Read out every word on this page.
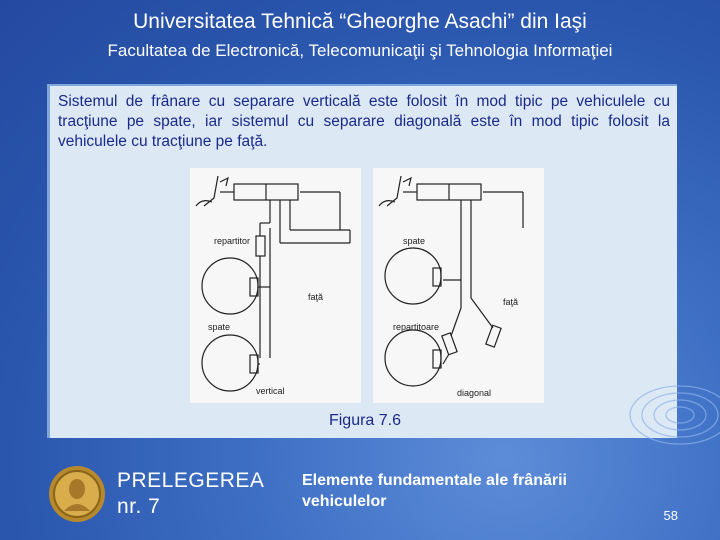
Universitatea Tehnică “Gheorghe Asachi” din Iaşi
Facultatea de Electronică, Telecomunicaţii şi Tehnologia Informaţiei

Sistemul de frânare cu separare verticală este folosit în mod tipic pe vehiculele cu tracţiune pe spate, iar sistemul cu separare diagonală este în mod tipic folosit la vehiculele cu tracţiune pe faţă.

repartitor
faţă
spate
vertical
spate
faţă
repartitoare
diagonal
Figura 7.6
PRELEGEREA nr. 7
Elemente fundamentale ale frânării vehiculelor
58
